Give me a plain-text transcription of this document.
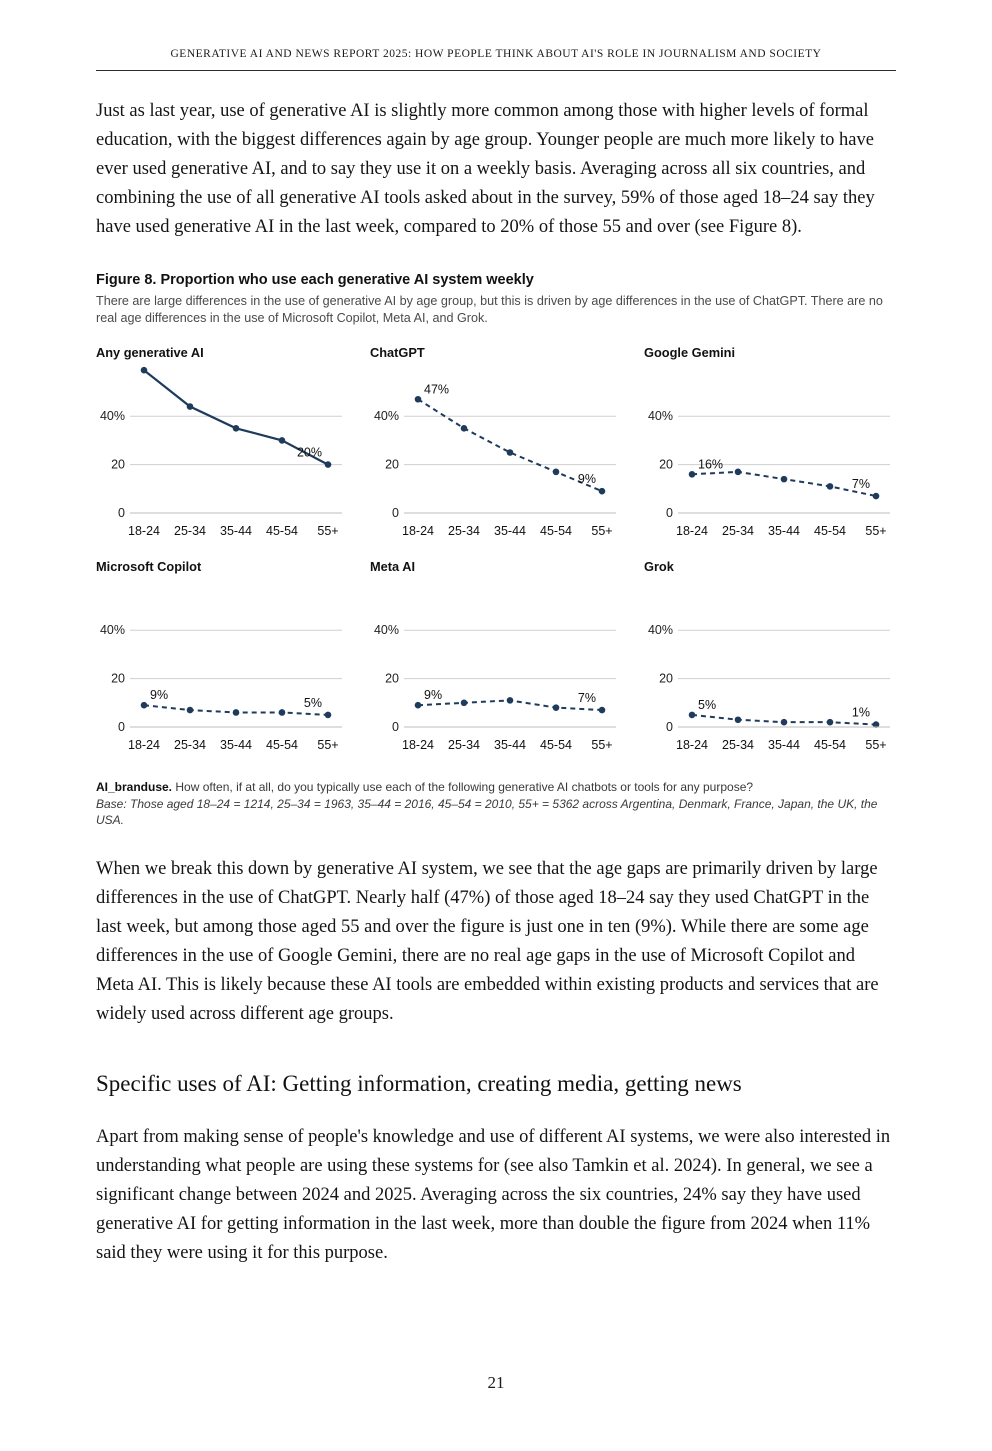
GENERATIVE AI AND NEWS REPORT 2025: HOW PEOPLE THINK ABOUT AI'S ROLE IN JOURNALISM AND SOCIETY

Just as last year, use of generative AI is slightly more common among those with higher levels of formal education, with the biggest differences again by age group. Younger people are much more likely to have ever used generative AI, and to say they use it on a weekly basis. Averaging across all six countries, and combining the use of all generative AI tools asked about in the survey, 59% of those aged 18–24 say they have used generative AI in the last week, compared to 20% of those 55 and over (see Figure 8).

Figure 8. Proportion who use each generative AI system weekly
There are large differences in the use of generative AI by age group, but this is driven by age differences in the use of ChatGPT. There are no real age differences in the use of Microsoft Copilot, Meta AI, and Grok.
Any generative AI
0
20
40%
20%
18-24 25-34 35-44 45-54 55+
ChatGPT
0
20
40%
47%
9%
18-24 25-34 35-44 45-54 55+
Google Gemini
0
20
40%
16%
7%
18-24 25-34 35-44 45-54 55+
Microsoft Copilot
0
20
40%
9%
5%
18-24 25-34 35-44 45-54 55+
Meta AI
0
20
40%
9%	7%
18-24 25-34 35-44 45-54 55+
Grok
0
20
40%
5%
1%
18-24 25-34 35-44 45-54 55+
AI_branduse. How often, if at all, do you typically use each of the following generative AI chatbots or tools for any purpose?
Base: Those aged 18–24 = 1214, 25–34 = 1963, 35–44 = 2016, 45–54 = 2010, 55+ = 5362 across Argentina, Denmark, France, Japan, the UK, the USA.

When we break this down by generative AI system, we see that the age gaps are primarily driven by large differences in the use of ChatGPT. Nearly half (47%) of those aged 18–24 say they used ChatGPT in the last week, but among those aged 55 and over the figure is just one in ten (9%). While there are some age differences in the use of Google Gemini, there are no real age gaps in the use of Microsoft Copilot and Meta AI. This is likely because these AI tools are embedded within existing products and services that are widely used across different age groups.

Specific uses of AI: Getting information, creating media, getting news

Apart from making sense of people's knowledge and use of different AI systems, we were also interested in understanding what people are using these systems for (see also Tamkin et al. 2024). In general, we see a significant change between 2024 and 2025. Averaging across the six countries, 24% say they have used generative AI for getting information in the last week, more than double the figure from 2024 when 11% said they were using it for this purpose.

21
